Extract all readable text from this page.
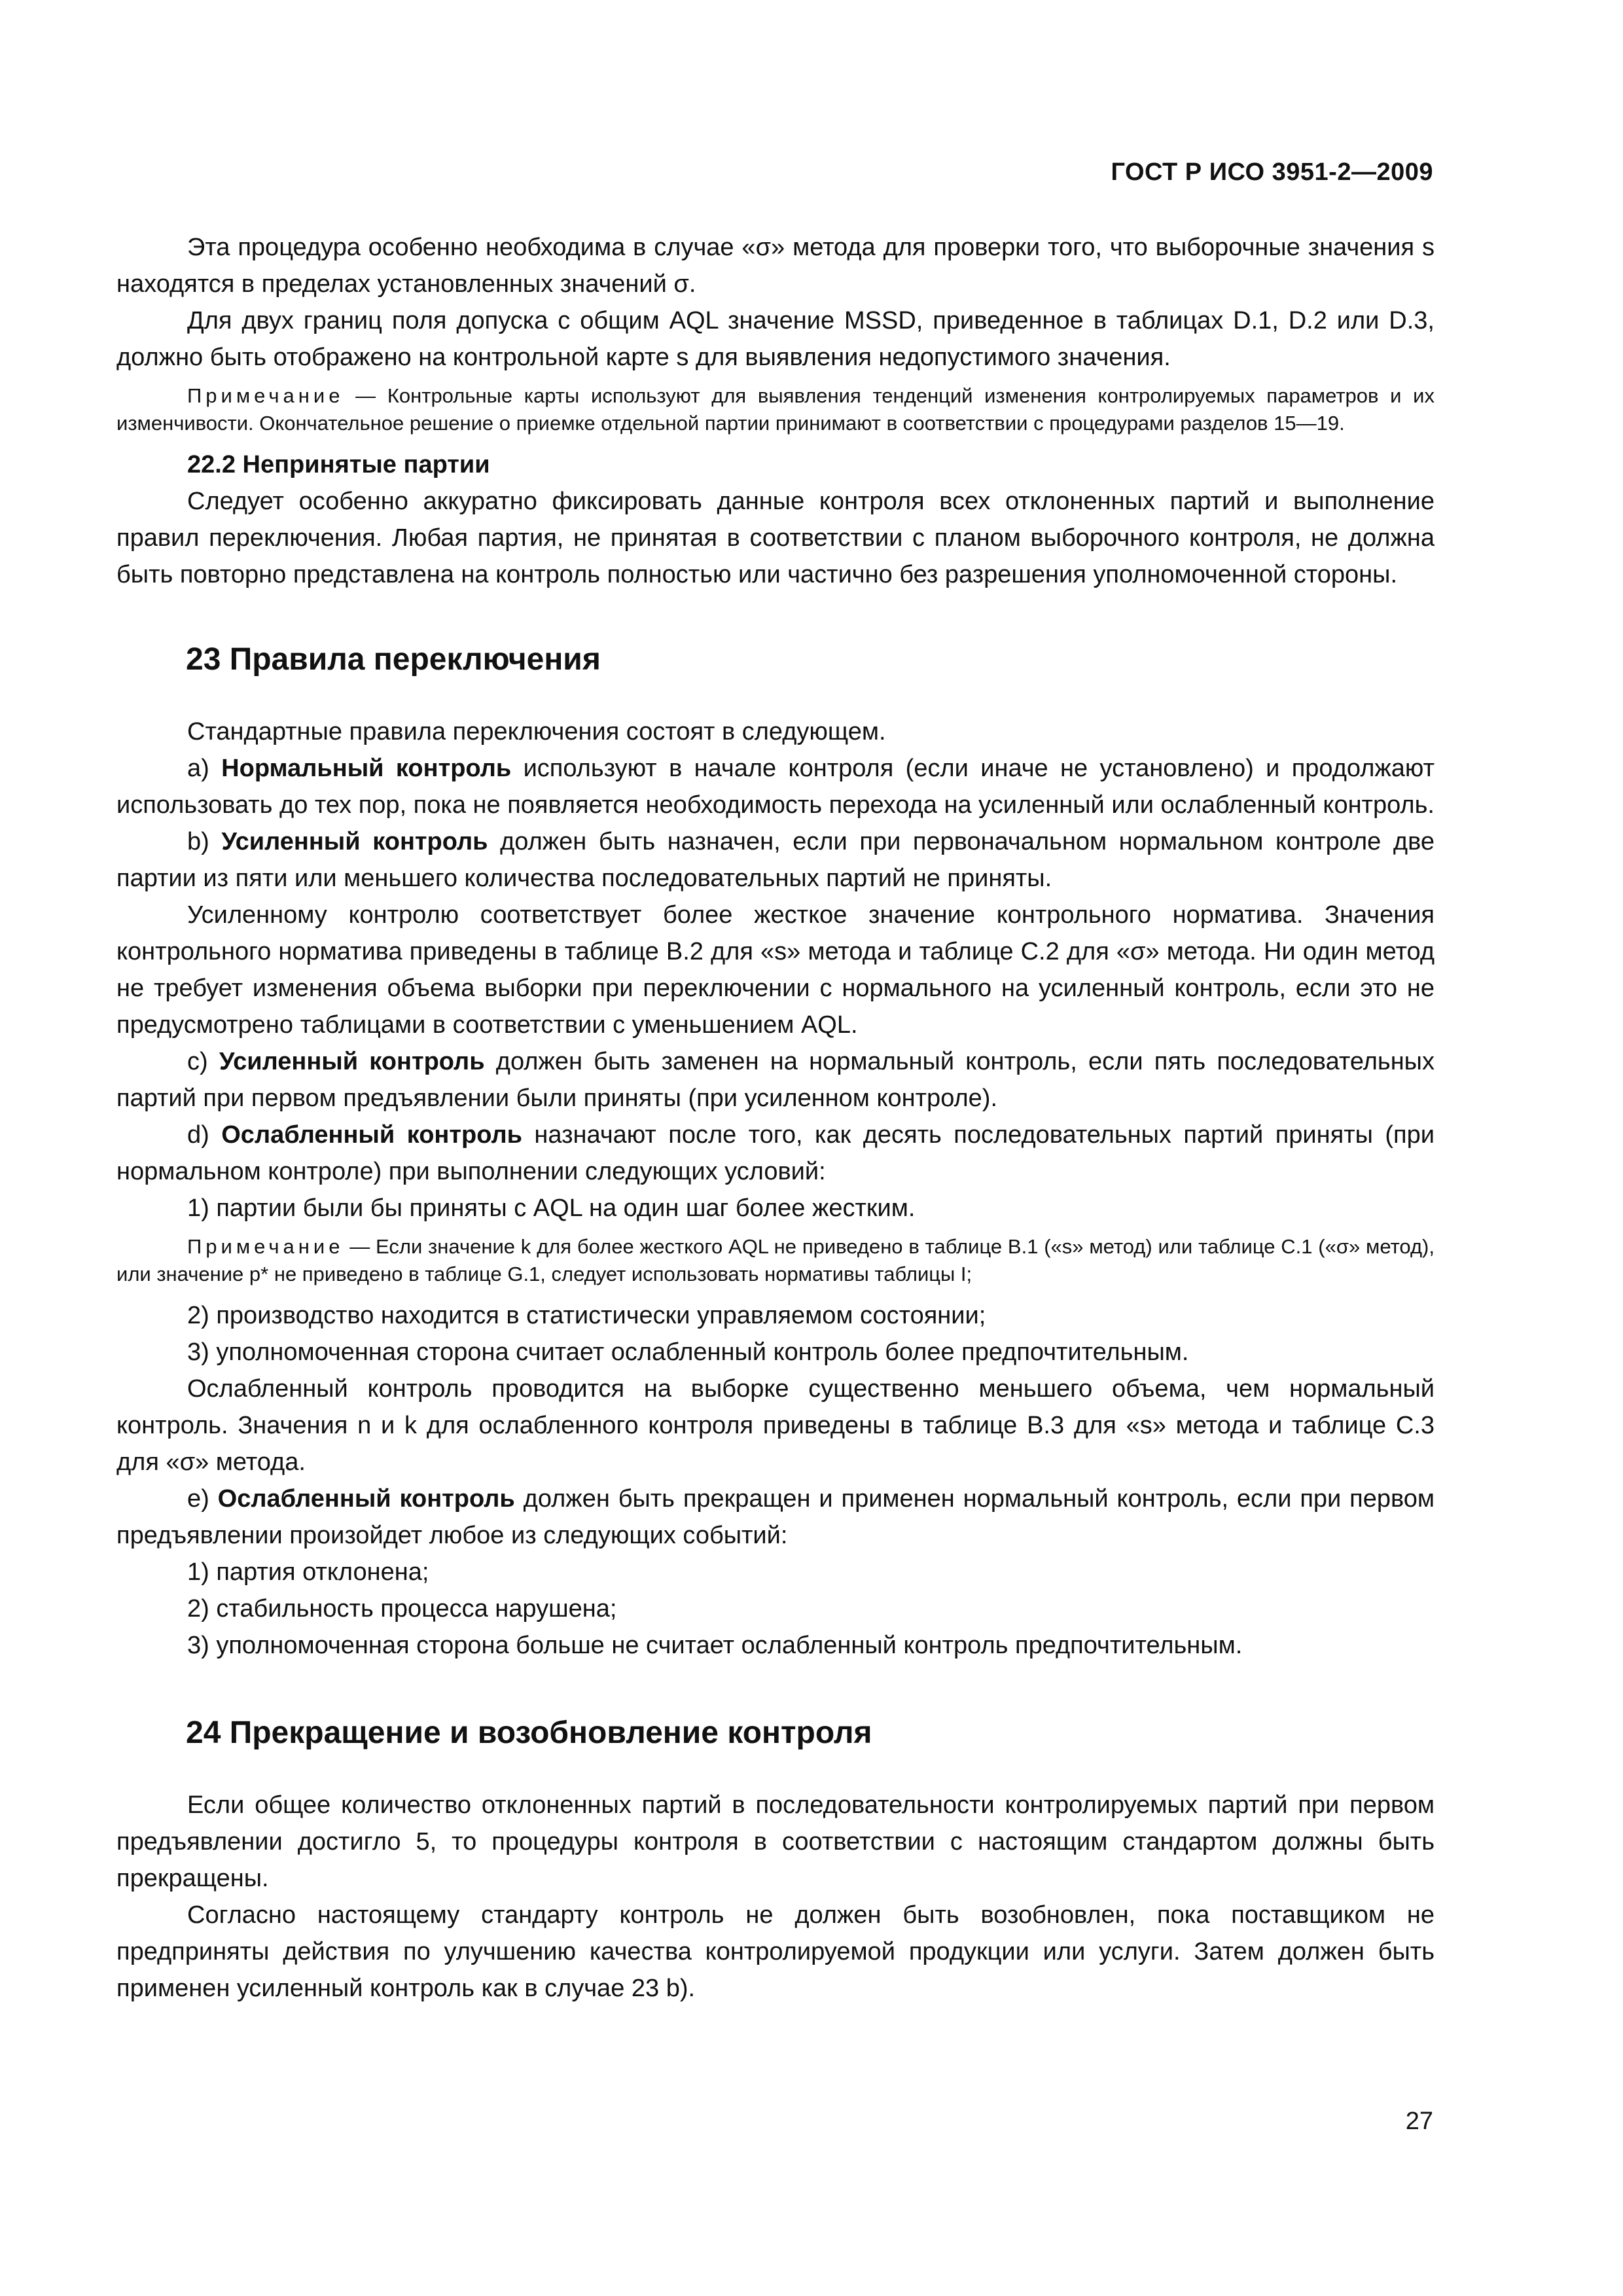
ГОСТ Р ИСО 3951-2—2009

Эта процедура особенно необходима в случае «σ» метода для проверки того, что выборочные значения s находятся в пределах установленных значений σ.

Для двух границ поля допуска с общим AQL значение MSSD, приведенное в таблицах D.1, D.2 или D.3, должно быть отображено на контрольной карте s для выявления недопустимого значения.

Примечание — Контрольные карты используют для выявления тенденций изменения контролируемых параметров и их изменчивости. Окончательное решение о приемке отдельной партии принимают в соответствии с процедурами разделов 15—19.

22.2 Непринятые партии

Следует особенно аккуратно фиксировать данные контроля всех отклоненных партий и выполнение правил переключения. Любая партия, не принятая в соответствии с планом выборочного контроля, не должна быть повторно представлена на контроль полностью или частично без разрешения уполномоченной стороны.

23 Правила переключения

Стандартные правила переключения состоят в следующем.

a) Нормальный контроль используют в начале контроля (если иначе не установлено) и продолжают использовать до тех пор, пока не появляется необходимость перехода на усиленный или ослабленный контроль.

b) Усиленный контроль должен быть назначен, если при первоначальном нормальном контроле две партии из пяти или меньшего количества последовательных партий не приняты.

Усиленному контролю соответствует более жесткое значение контрольного норматива. Значения контрольного норматива приведены в таблице B.2 для «s» метода и таблице C.2 для «σ» метода. Ни один метод не требует изменения объема выборки при переключении с нормального на усиленный контроль, если это не предусмотрено таблицами в соответствии с уменьшением AQL.

c) Усиленный контроль должен быть заменен на нормальный контроль, если пять последовательных партий при первом предъявлении были приняты (при усиленном контроле).

d) Ослабленный контроль назначают после того, как десять последовательных партий приняты (при нормальном контроле) при выполнении следующих условий:

1) партии были бы приняты с AQL на один шаг более жестким.

Примечание — Если значение k для более жесткого AQL не приведено в таблице B.1 («s» метод) или таблице C.1 («σ» метод), или значение p* не приведено в таблице G.1, следует использовать нормативы таблицы I;

2) производство находится в статистически управляемом состоянии;
3) уполномоченная сторона считает ослабленный контроль более предпочтительным.

Ослабленный контроль проводится на выборке существенно меньшего объема, чем нормальный контроль. Значения n и k для ослабленного контроля приведены в таблице B.3 для «s» метода и таблице C.3 для «σ» метода.

e) Ослабленный контроль должен быть прекращен и применен нормальный контроль, если при первом предъявлении произойдет любое из следующих событий:

1) партия отклонена;
2) стабильность процесса нарушена;
3) уполномоченная сторона больше не считает ослабленный контроль предпочтительным.
24 Прекращение и возобновление контроля

Если общее количество отклоненных партий в последовательности контролируемых партий при первом предъявлении достигло 5, то процедуры контроля в соответствии с настоящим стандартом должны быть прекращены.

Согласно настоящему стандарту контроль не должен быть возобновлен, пока поставщиком не предприняты действия по улучшению качества контролируемой продукции или услуги. Затем должен быть применен усиленный контроль как в случае 23 b).

27
